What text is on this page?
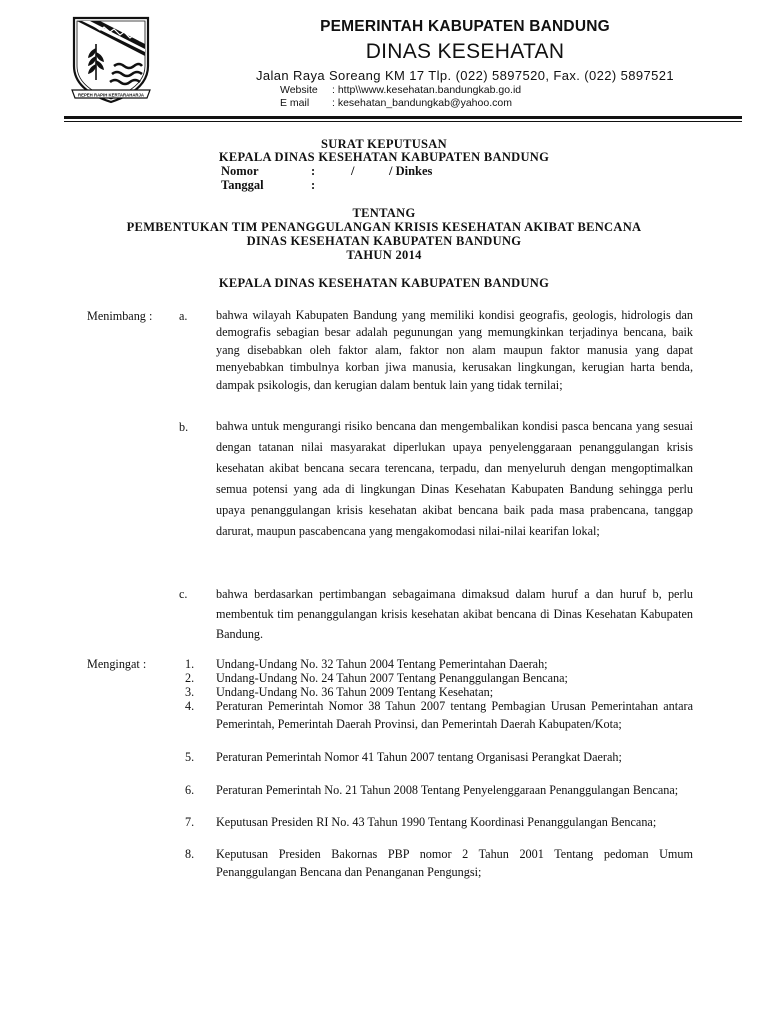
REPEH RAPIH KERTARAHARJA
PEMERINTAH KABUPATEN BANDUNG
DINAS KESEHATAN
Jalan Raya Soreang KM 17 Tlp. (022) 5897520, Fax. (022) 5897521
Website : http\\www.kesehatan.bandungkab.go.id
E mail : kesehatan_bandungkab@yahoo.com
SURAT KEPUTUSAN
KEPALA DINAS KESEHATAN KABUPATEN BANDUNG
Nomor	:	/	/ Dinkes
Tanggal	:
TENTANG
PEMBENTUKAN TIM PENANGGULANGAN KRISIS KESEHATAN AKIBAT BENCANA
DINAS KESEHATAN KABUPATEN BANDUNG
TAHUN 2014
KEPALA DINAS KESEHATAN KABUPATEN BANDUNG
Menimbang : a. bahwa wilayah Kabupaten Bandung yang memiliki kondisi geografis, geologis, hidrologis dan demografis sebagian besar adalah pegunungan yang memungkinkan terjadinya bencana, baik yang disebabkan oleh faktor alam, faktor non alam maupun faktor manusia yang dapat menyebabkan timbulnya korban jiwa manusia, kerusakan lingkungan, kerugian harta benda, dampak psikologis, dan kerugian dalam bentuk lain yang tidak ternilai;
b. bahwa untuk mengurangi risiko bencana dan mengembalikan kondisi pasca bencana yang sesuai dengan tatanan nilai masyarakat diperlukan upaya penyelenggaraan penanggulangan krisis kesehatan akibat bencana secara terencana, terpadu, dan menyeluruh dengan mengoptimalkan semua potensi yang ada di lingkungan Dinas Kesehatan Kabupaten Bandung sehingga perlu upaya penanggulangan krisis kesehatan akibat bencana baik pada masa prabencana, tanggap darurat, maupun pascabencana yang mengakomodasi nilai-nilai kearifan lokal;
c. bahwa berdasarkan pertimbangan sebagaimana dimaksud dalam huruf a dan huruf b, perlu membentuk tim penanggulangan krisis kesehatan akibat bencana di Dinas Kesehatan Kabupaten Bandung.
Mengingat :	1. Undang-Undang No. 32 Tahun 2004 Tentang Pemerintahan Daerah;
2. Undang-Undang No. 24 Tahun 2007 Tentang Penanggulangan Bencana;
3. Undang-Undang No. 36 Tahun 2009 Tentang Kesehatan;
4. Peraturan Pemerintah Nomor 38 Tahun 2007 tentang Pembagian Urusan Pemerintahan antara Pemerintah, Pemerintah Daerah Provinsi, dan Pemerintah Daerah Kabupaten/Kota;
5. Peraturan Pemerintah Nomor 41 Tahun 2007 tentang Organisasi Perangkat Daerah;
6. Peraturan Pemerintah No. 21 Tahun 2008 Tentang Penyelenggaraan Penanggulangan Bencana;
7. Keputusan Presiden RI No. 43 Tahun 1990 Tentang Koordinasi Penanggulangan Bencana;
8. Keputusan Presiden Bakornas PBP nomor 2 Tahun 2001 Tentang pedoman Umum Penanggulangan Bencana dan Penanganan Pengungsi;
